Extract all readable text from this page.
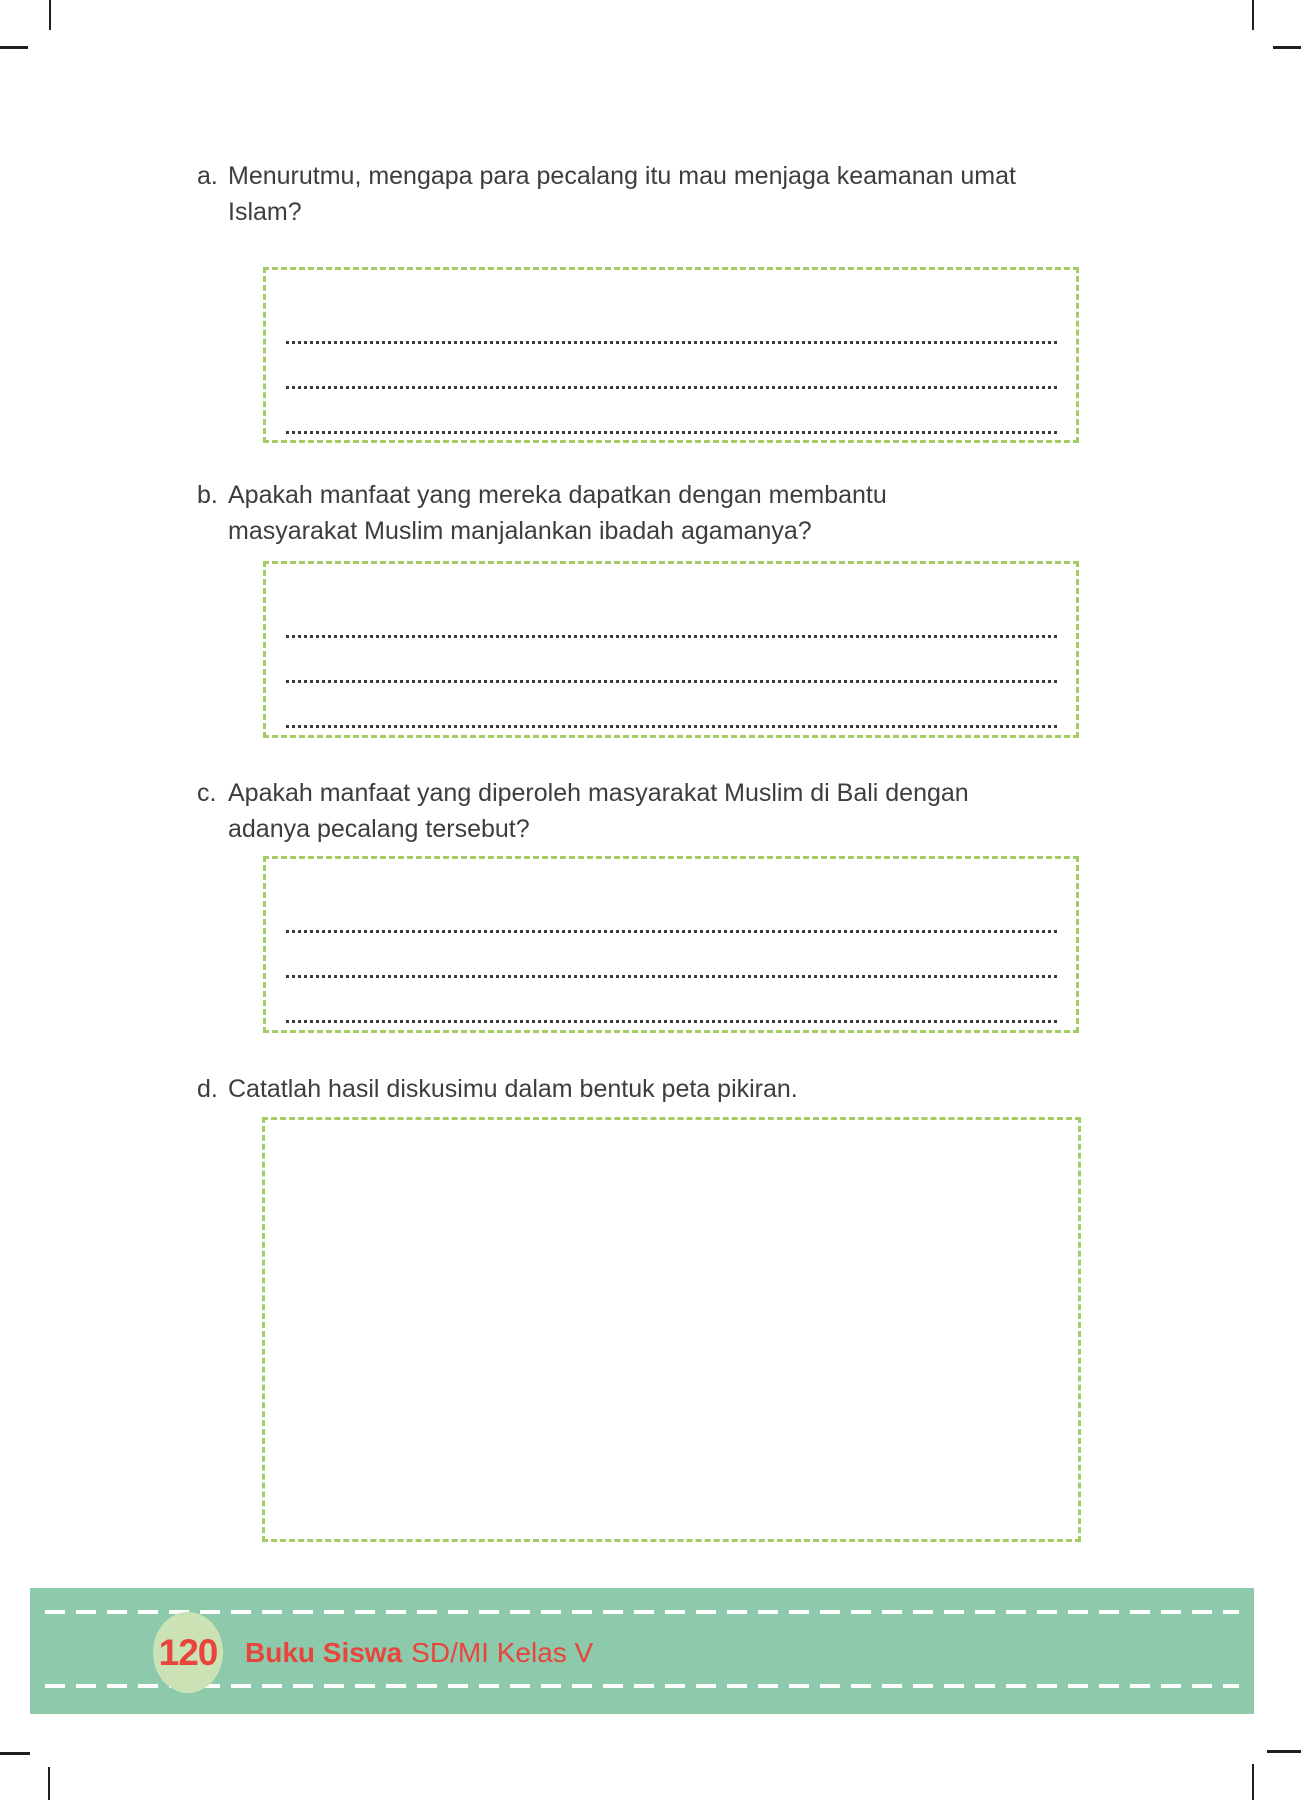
a. Menurutmu, mengapa para pecalang itu mau menjaga keamanan umat
Islam?
b. Apakah manfaat yang mereka dapatkan dengan membantu
masyarakat Muslim manjalankan ibadah agamanya?
c. Apakah manfaat yang diperoleh masyarakat Muslim di Bali dengan
adanya pecalang tersebut?
d. Catatlah hasil diskusimu dalam bentuk peta pikiran.
120 Buku Siswa SD/MI Kelas V
